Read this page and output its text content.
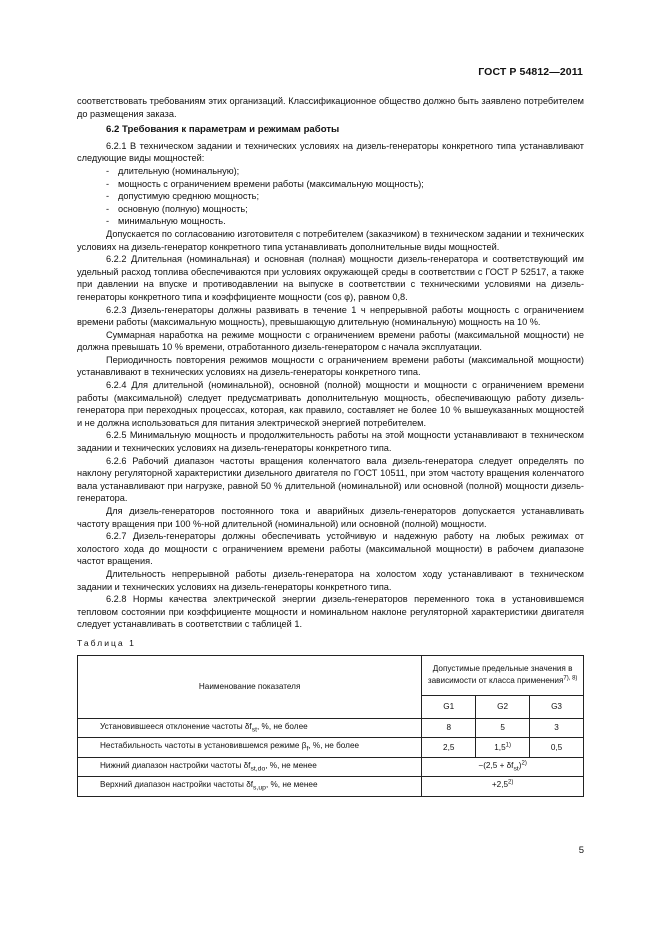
ГОСТ Р 54812—2011

соответствовать требованиям этих организаций. Классификационное общество должно быть заявлено потребителем до размещения заказа.

6.2 Требования к параметрам и режимам работы

6.2.1 В техническом задании и технических условиях на дизель-генераторы конкретного типа устанавливают следующие виды мощностей:

- длительную (номинальную);
- мощность с ограничением времени работы (максимальную мощность);
- допустимую среднюю мощность;
- основную (полную) мощность;
- минимальную мощность.

Допускается по согласованию изготовителя с потребителем (заказчиком) в техническом задании и технических условиях на дизель-генератор конкретного типа устанавливать дополнительные виды мощностей.

6.2.2 Длительная (номинальная) и основная (полная) мощности дизель-генератора и соответствующий им удельный расход топлива обеспечиваются при условиях окружающей среды в соответствии с ГОСТ Р 52517, а также при давлении на впуске и противодавлении на выпуске в соответствии с техническими условиями на дизель-генераторы конкретного типа и коэффициенте мощности (cos φ), равном 0,8.

6.2.3 Дизель-генераторы должны развивать в течение 1 ч непрерывной работы мощность с ограничением времени работы (максимальную мощность), превышающую длительную (номинальную) мощность на 10 %.

Суммарная наработка на режиме мощности с ограничением времени работы (максимальной мощности) не должна превышать 10 % времени, отработанного дизель-генератором с начала эксплуатации.

Периодичность повторения режимов мощности с ограничением времени работы (максимальной мощности) устанавливают в технических условиях на дизель-генераторы конкретного типа.

6.2.4 Для длительной (номинальной), основной (полной) мощности и мощности с ограничением времени работы (максимальной) следует предусматривать дополнительную мощность, обеспечивающую работу дизель-генератора при переходных процессах, которая, как правило, составляет не более 10 % вышеуказанных мощностей и не должна использоваться для питания электрической энергией потребителем.

6.2.5 Минимальную мощность и продолжительность работы на этой мощности устанавливают в техническом задании и технических условиях на дизель-генераторы конкретного типа.

6.2.6 Рабочий диапазон частоты вращения коленчатого вала дизель-генератора следует определять по наклону регуляторной характеристики дизельного двигателя по ГОСТ 10511, при этом частоту вращения коленчатого вала устанавливают при нагрузке, равной 50 % длительной (номинальной) или основной (полной) мощности дизель-генератора.

Для дизель-генераторов постоянного тока и аварийных дизель-генераторов допускается устанавливать частоту вращения при 100 %-ной длительной (номинальной) или основной (полной) мощности.

6.2.7 Дизель-генераторы должны обеспечивать устойчивую и надежную работу на любых режимах от холостого хода до мощности с ограничением времени работы (максимальной мощности) в рабочем диапазоне частот вращения.

Длительность непрерывной работы дизель-генератора на холостом ходу устанавливают в техническом задании и технических условиях на дизель-генераторы конкретного типа.

6.2.8 Нормы качества электрической энергии дизель-генераторов переменного тока в установившемся тепловом состоянии при коэффициенте мощности и номинальном наклоне регуляторной характеристики двигателя следует устанавливать в соответствии с таблицей 1.

Таблица 1

Наименование показателя	Допустимые предельные значения в зависимости от класса применения$^{7), 8)}$
	G1	G2	G3
Установившееся отклонение частоты $\delta f_{st}$, %, не более	8	5	3
Нестабильность частоты в установившемся режиме $\beta_f$, %, не более	2,5	1,5$^{1)}$	0,5
Нижний диапазон настройки частоты $\delta f_{st,do}$, %, не менее	$-(2,5 + \delta f_{st})^{2)}$
Верхний диапазон настройки частоты $\delta f_{s,up}$, %, не менее	$+2,5^{2)}$
5
